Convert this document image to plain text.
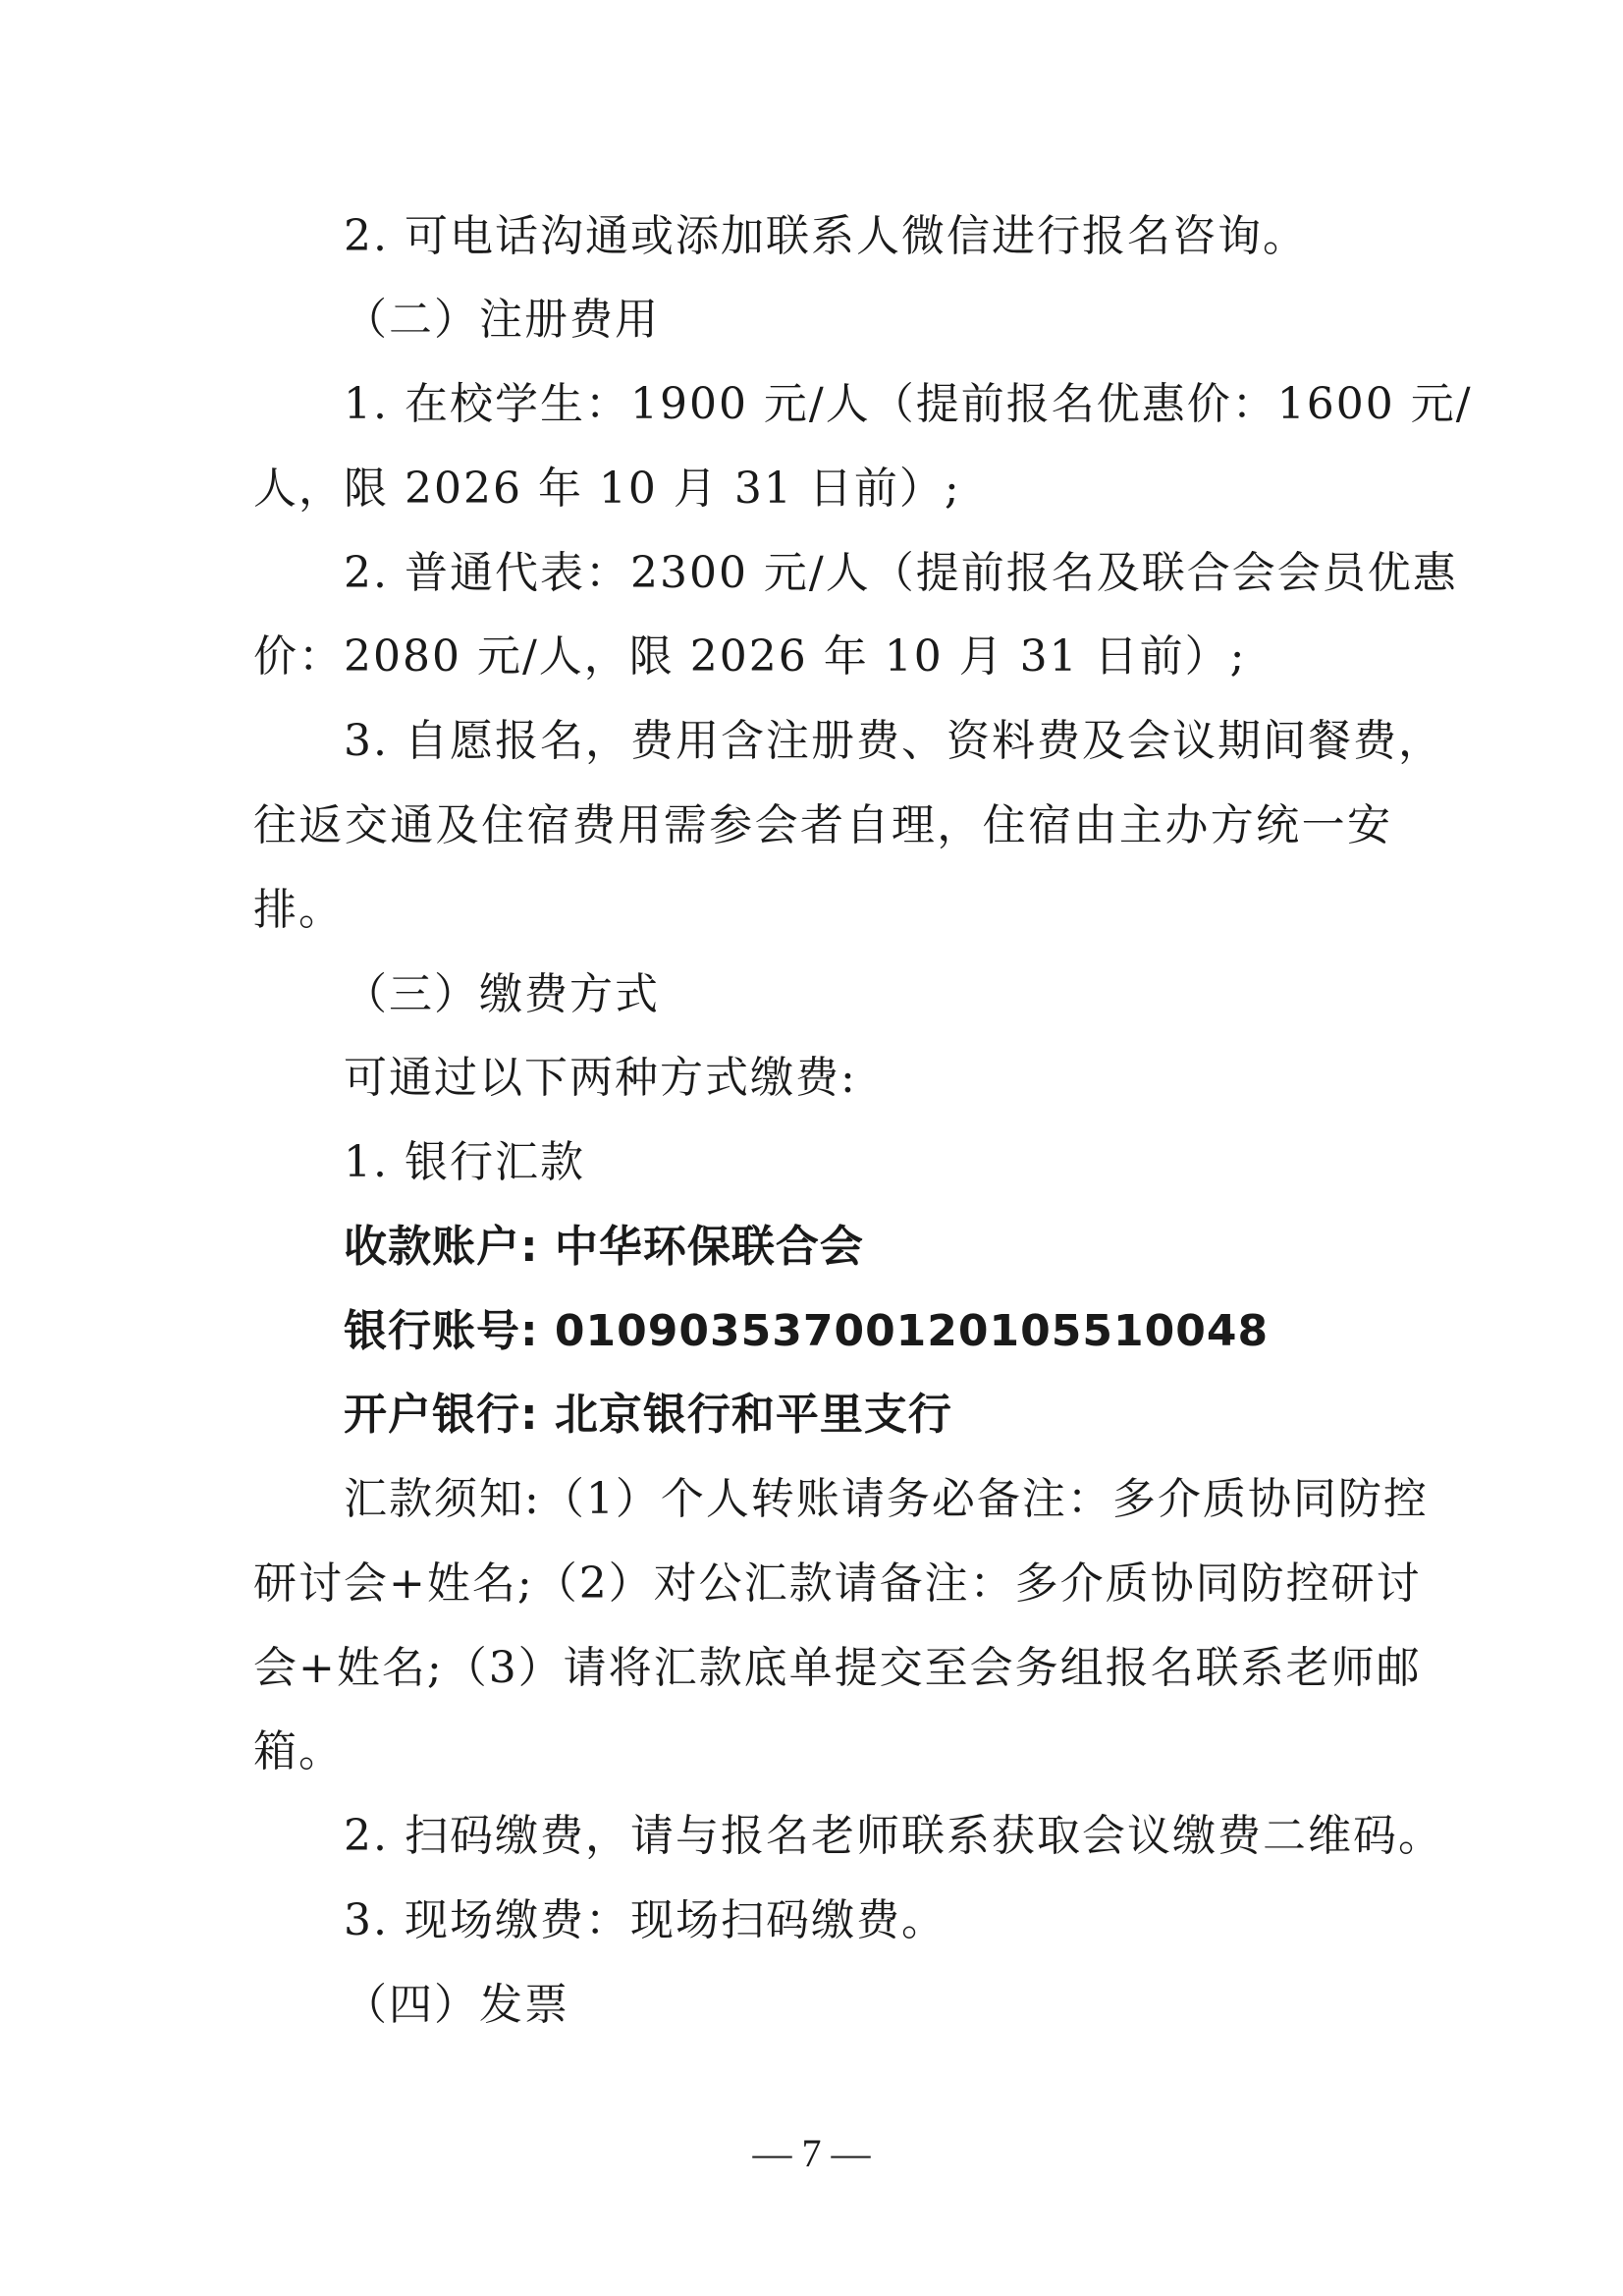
2. 可电话沟通或添加联系人微信进行报名咨询。
（二）注册费用
1. 在校学生：1900 元/人（提前报名优惠价：1600 元/
人，限 2026 年 10 月 31 日前）;
2. 普通代表：2300 元/人（提前报名及联合会会员优惠
价：2080 元/人，限 2026 年 10 月 31 日前）;
3. 自愿报名，费用含注册费、资料费及会议期间餐费，
往返交通及住宿费用需参会者自理，住宿由主办方统一安
排。
（三）缴费方式
可通过以下两种方式缴费:
1. 银行汇款
收款账户: 中华环保联合会
银行账号: 0109035370012010551004​8
开户银行: 北京银行和平里支行
汇款须知:（1）个人转账请务必备注：多介质协同防控
研讨会+姓名;（2）对公汇款请备注：多介质协同防控研讨
会+姓名;（3）请将汇款底单提交至会务组报名联系老师邮
箱。
2. 扫码缴费，请与报名老师联系获取会议缴费二维码。
3. 现场缴费：现场扫码缴费。
（四）发票
— 7 —
